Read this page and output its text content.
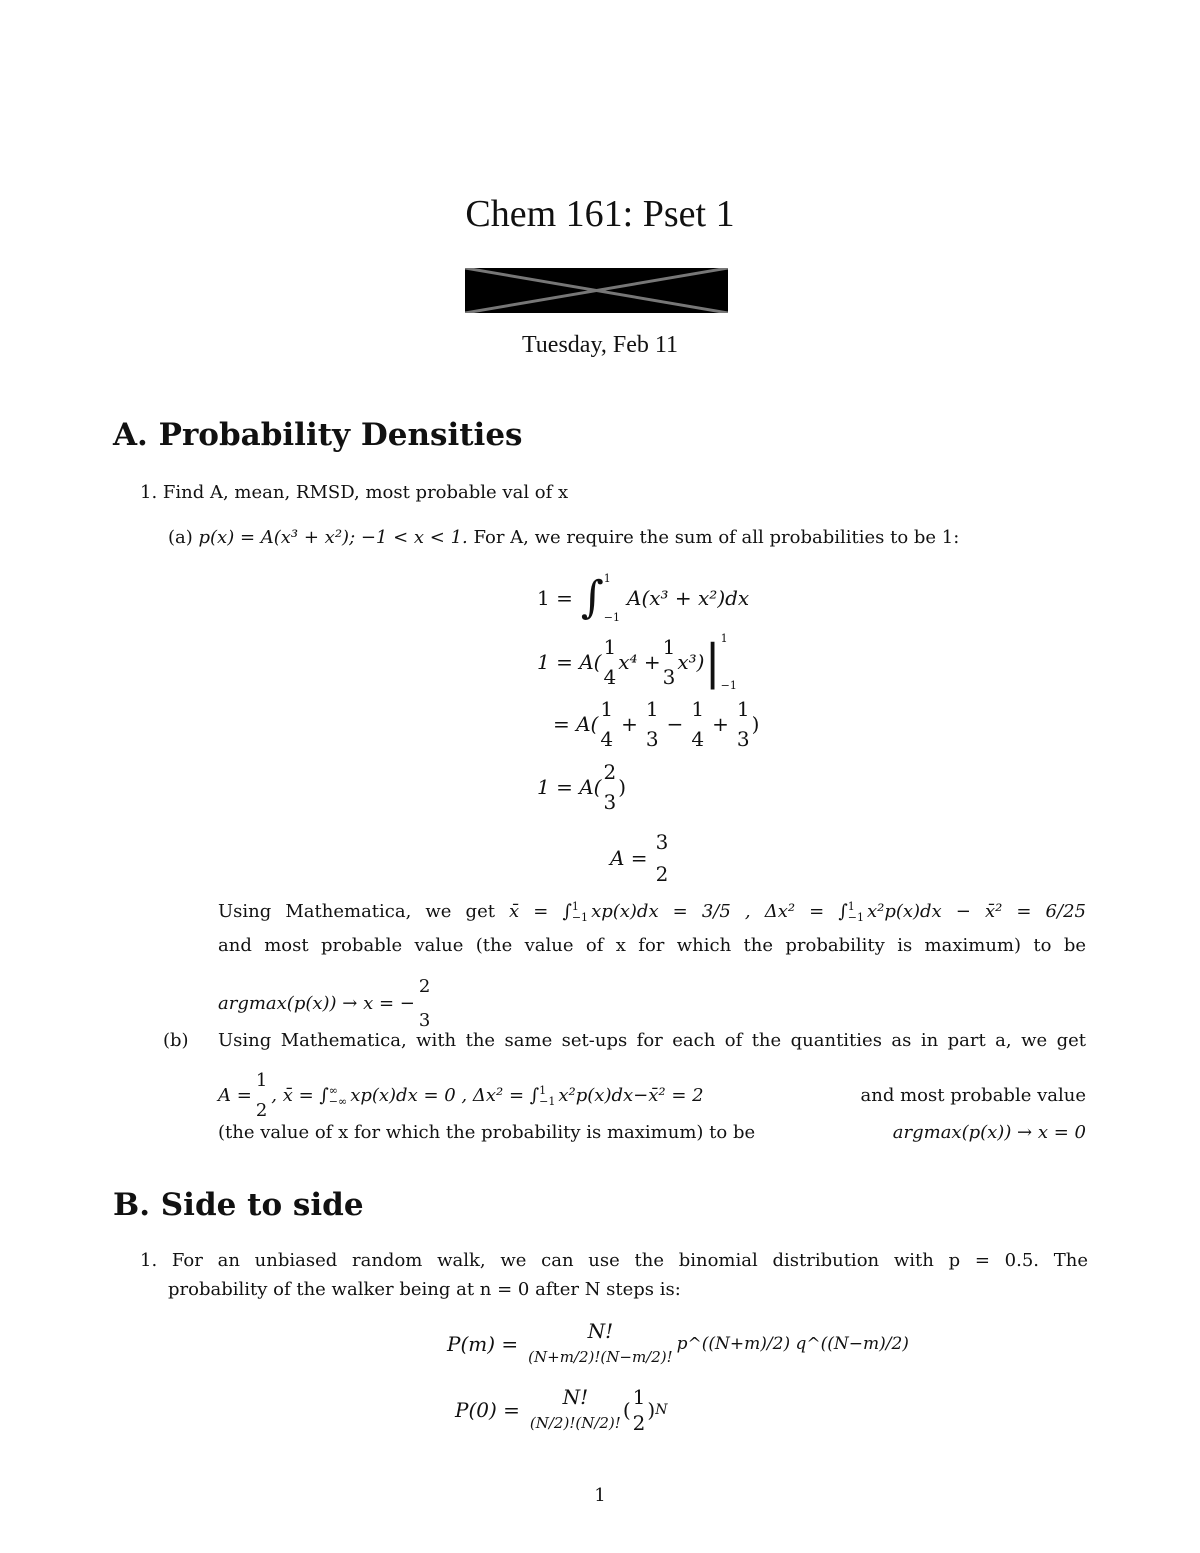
Chem 161: Pset 1
Tuesday, Feb 11
A. Probability Densities
1. Find A, mean, RMSD, most probable val of x
(a) p(x) = A(x³ + x²); −1 < x < 1. For A, we require the sum of all probabilities to be 1:
1 = ∫ 1
−1
A(x³ + x²)dx
1 = A(
1
4
x⁴ +
1
3
x³) | 1
−1
= A(
1
4
+
1
3
−
1
4
+
1
3
)
1 = A(
2
3
)
A =
3
2
Using Mathematica, we get x̄ = ∫ 1
−1 xp(x)dx = 3/5 , Δx² = ∫ 1
−1 x²p(x)dx − x̄² = 6/25
and most probable value (the value of x for which the probability is maximum) to be
argmax(p(x)) → x = −
2
3
(b) Using Mathematica, with the same set-ups for each of the quantities as in part a, we get
A =
1
2
, x̄ =
∫ ∞
−∞ xp(x)dx = 0 , Δx² =
∫ 1
−1 x²p(x)dx−x̄² = 2	and most probable value
(the value of x for which the probability is maximum) to be	argmax(p(x)) → x = 0
B. Side to side
1. For an unbiased random walk, we can use the binomial distribution with p = 0.5. The
probability of the walker being at n = 0 after N steps is:
P(m) =
N!
(N+m/2)!(N−m/2)!
p^((N+m)/2) q^((N−m)/2)
P(0) =
N!
(N/2)!(N/2)!
(
1
2
) N
1
